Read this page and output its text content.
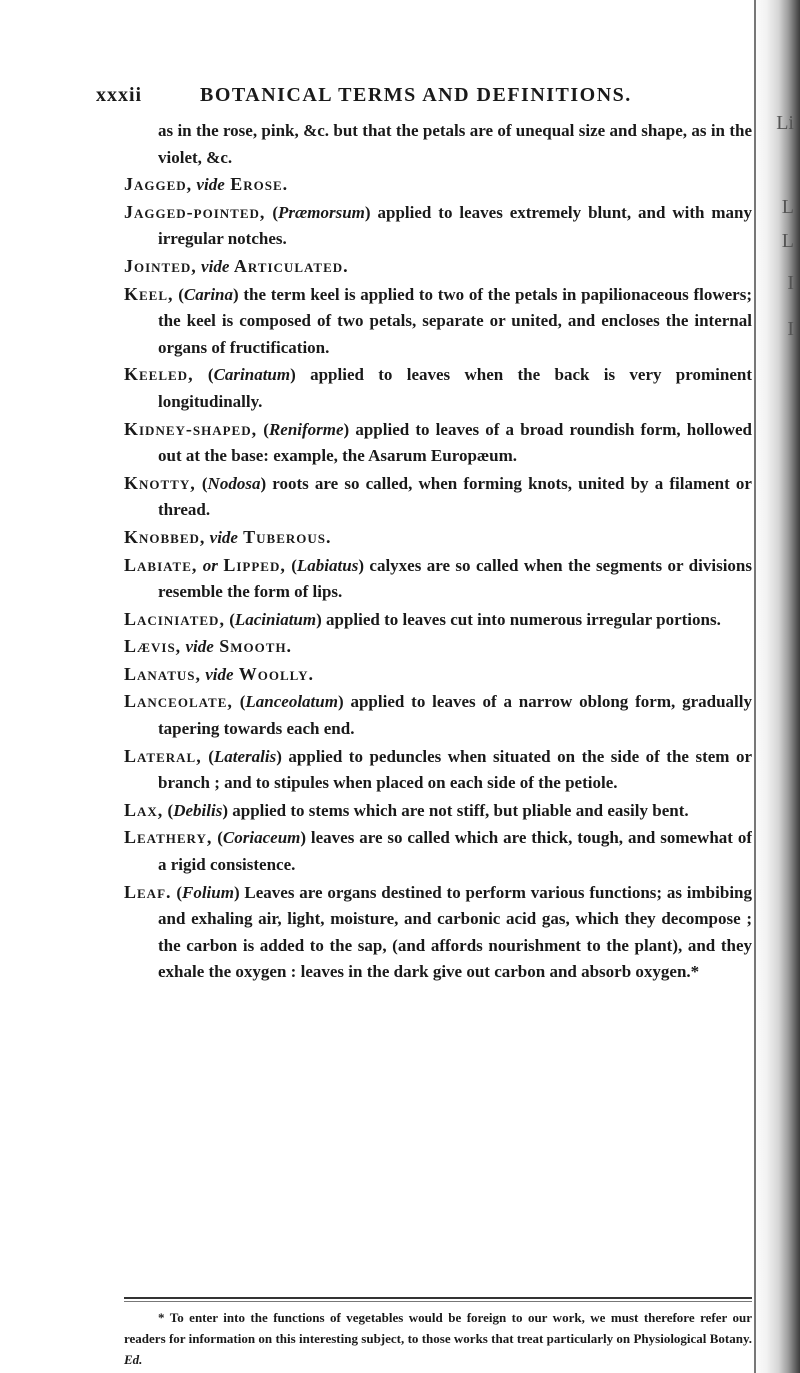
xxxii	BOTANICAL TERMS AND DEFINITIONS.

as in the rose, pink, &c. but that the petals are of unequal size and shape, as in the violet, &c.

Jagged, vide Erose.

Jagged-pointed, (Præmorsum) applied to leaves extremely blunt, and with many irregular notches.

Jointed, vide Articulated.

Keel, (Carina) the term keel is applied to two of the petals in papilionaceous flowers; the keel is composed of two petals, separate or united, and encloses the internal organs of fructification.

Keeled, (Carinatum) applied to leaves when the back is very prominent longitudinally.

Kidney-shaped, (Reniforme) applied to leaves of a broad roundish form, hollowed out at the base: example, the Asarum Europæum.

Knotty, (Nodosa) roots are so called, when forming knots, united by a filament or thread.

Knobbed, vide Tuberous.

Labiate, or Lipped, (Labiatus) calyxes are so called when the segments or divisions resemble the form of lips.

Laciniated, (Laciniatum) applied to leaves cut into numerous irregular portions.

Lævis, vide Smooth.

Lanatus, vide Woolly.

Lanceolate, (Lanceolatum) applied to leaves of a narrow oblong form, gradually tapering towards each end.

Lateral, (Lateralis) applied to peduncles when situated on the side of the stem or branch ; and to stipules when placed on each side of the petiole.

Lax, (Debilis) applied to stems which are not stiff, but pliable and easily bent.

Leathery, (Coriaceum) leaves are so called which are thick, tough, and somewhat of a rigid consistence.

Leaf. (Folium) Leaves are organs destined to perform various functions; as imbibing and exhaling air, light, moisture, and carbonic acid gas, which they decompose ; the carbon is added to the sap, (and affords nourishment to the plant), and they exhale the oxygen : leaves in the dark give out carbon and absorb oxygen.*

* To enter into the functions of vegetables would be foreign to our work, we must therefore refer our readers for information on this interesting subject, to those works that treat particularly on Physiological Botany. Ed.
Li
L
L
I
I
